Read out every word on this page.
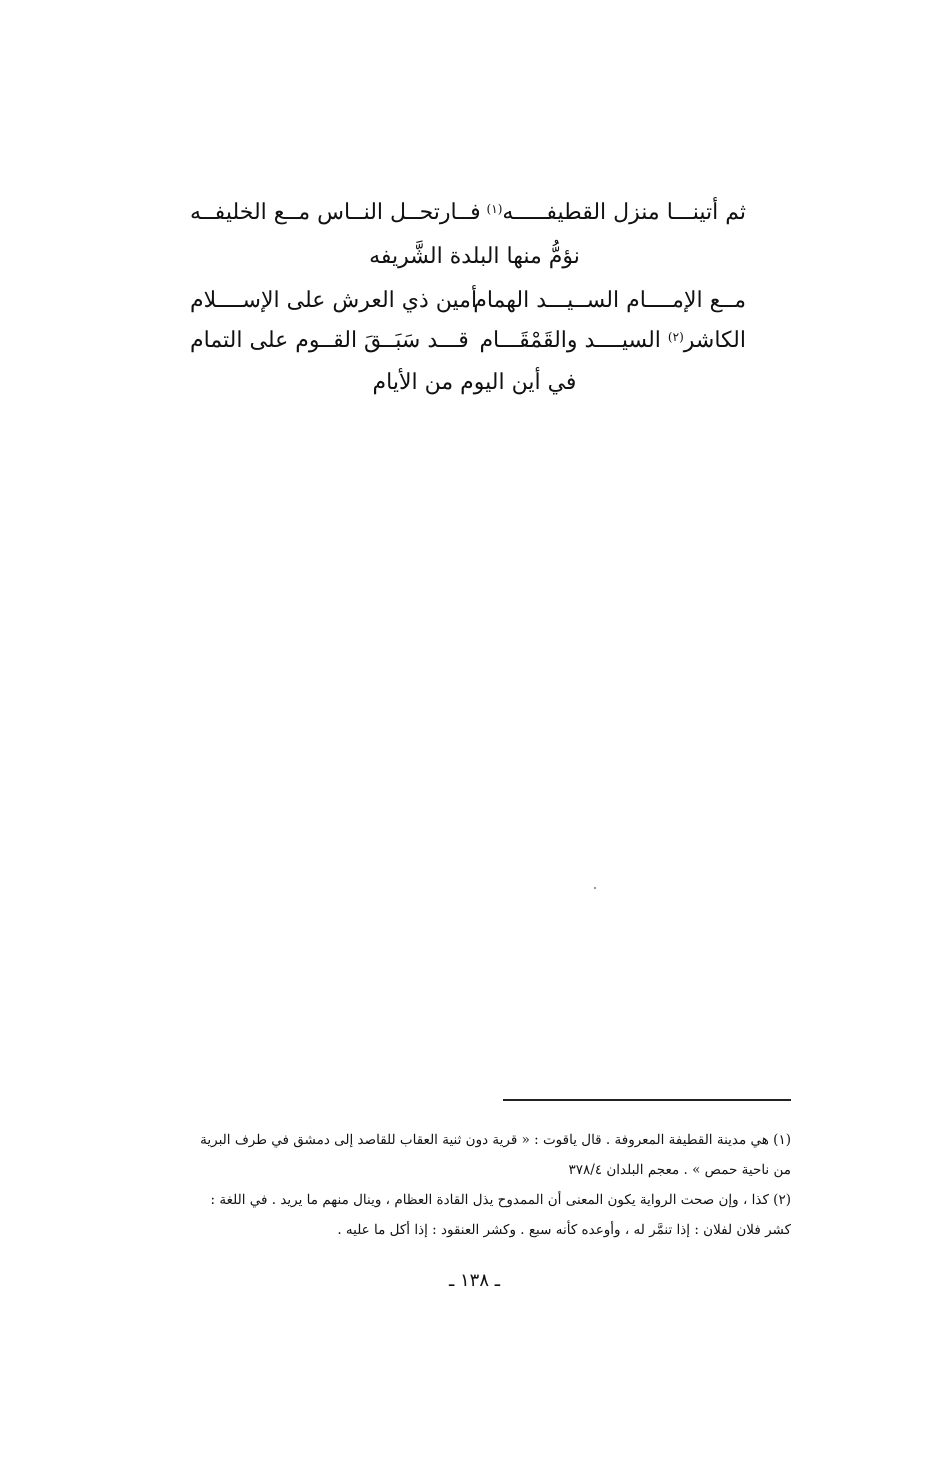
ثم أتينـــا منزل القطيفـــــه$^{(١)}$
فــارتحــل النــاس مــع الخليفــه
نؤمُّ منها البلدة الشَّريفه
مــع الإمــــام الســيـــد الهمام
أمين ذي العرش على الإســــلام
الكاشر$^{(٢)}$ السيــــد والقَمْقَـــام
قـــد سَبَــقَ القــوم على التمام
في أين اليوم من الأيام
(١) هي مدينة القطيفة المعروفة . قال ياقوت : « قرية دون ثنية العقاب للقاصد إلى دمشق في طرف البرية
من ناحية حمص » . معجم البلدان ٣٧٨/٤
(٢) كذا ، وإن صحت الرواية يكون المعنى أن الممدوح يذل القادة العظام ، وينال منهم ما يريد . في اللغة :
كشر فلان لفلان : إذا تنمَّر له ، وأوعده كأنه سبع . وكشر العنقود : إذا أكل ما عليه .
ـ ١٣٨ ـ
